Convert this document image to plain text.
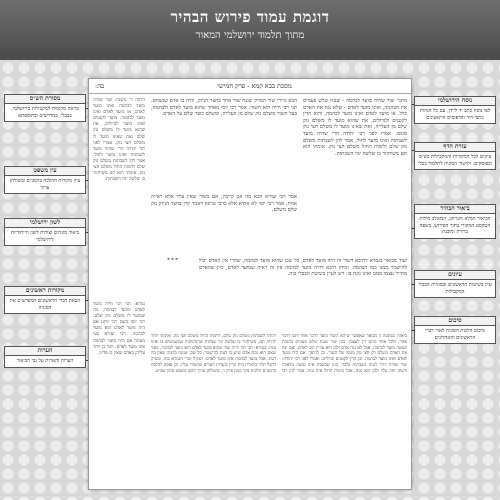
דוגמת עמוד פירוש הבהיר
מתוך תלמוד ירושלמי המאור
מסכת בבא קמא - פרק חמישי
בה:
מתני׳ שור שהיה מועד לבהמה - שנגח שלש פעמים את הבהמה, ואינו מועד לאדם - שלא נגח את האדם כלל. או מועד לאדם ואינו מועד לבהמה, והוא הדין לקטנים ולגדולים, את שהוא מועד לו משלם נזק שלם מן העלייה, ואת שאינו מועד לו משלם חצי נזק מגופו. אמרו לפני רבי יהודה הרי שהיה מועד לשבתות ואינו מועד לחול, אמר להן לשבתות משלם נזק שלם ולימות החול משלם חצי נזק. אימתי הוא תם משיחזור בו שלשה ימי השבתות.
הכא מיירי שור המזיק שנגח שור אחר בחצר הניזק, והיה בו אדם שנשחט. תני רבי חייה הוא השור. אמר רבי יוסי מאחר שהוא מועד לאדם ולבהמה, בעל השור משלם נזק שלם מן העלייה, ומשלם כופר שלם על האדם.
אמר רבי זעירא הכא מה אנן קיימין, אם בשור שאין עליו אלא ראייה אחת, אמר רבי יוסי לא אתיא אלא כרבי טרפון דאמר קרן בחצר הניזק נזק שלם משלם.
הלכה ד' משנה: שור שהיה מועד לבהמה ואינו מועד לאדם, או מועד לאדם ואינו מועד לבהמה. מועד לקטנים ואינו מועד לגדולים, את שהוא מועד לו משלם נזק שלם ואת שאינו מועד לו משלם חצי נזק. אמרו לפני רבי יהודה הרי שהיה מועד לשבתות ואינו מועד לחול. אמר להן לשבתות משלם נזק שלם ולימות החול משלם חצי נזק. אימתי הוא תם משיחזור בו שלשה ימי השבתות.
גמרא: תני רבי חייה מועד לאדם ומועד לבהמה, מה שמועד לו משלם נזק שלם. רבי יוסי בשם רבי יוחנן אם היה מועד לאדם הוא מועד לבהמה. רבי זעירא בעי מעתה אם היה מועד לבהמה אינו מועד לאדם. ותני כן ויתר עליהן באדם שאין בו פדיון.
***	ועוד מבואר בגמרא דהיכא דשור זה היה מועד לאדם, כל שכן שהוא מועד לבהמה, שהרי אין האדם יכול להישמר ממנו כמו הבהמה. ומיהו היכא דהיה מועד לבהמה אין זה ראיה שמועד לאדם, כיון שהאדם מתייר עצמו ממנו ואינו נוגח בו. ויש לעיין בשיטת הבבלי בזה.
ביאור: במשנה זו מבואר שאפשר שיהא השור מועד לדבר אחד ותם לדבר אחר, ולכל אחד מהם דין לעצמו. כגון שור שנגח שלש פעמים בהמות ונעשה מועד לבהמה, אבל לא נגח אדם ולכן הוא עדיין תם לאדם. ואם יגח את האדם משלם רק חצי נזק מגופו של השור. וכן להיפך, אם היה מועד לאדם ואינו מועד לבהמה. וכן הדין לקטנים וגדולים. ואמרו לפני רבי יהודה: שור שהיה רגיל לנגוח בשבתות בלבד, כגון שבשבת אינו עושה מלאכה ודעתו זחה עליו ולכן הוא נוגח, אבל בימות החול אינו נוגח. אמר להן רבי יהודה לשבתות משלם נזק שלם, ולימות החול משלם חצי נזק. ואימתי חוזר להיות תם, משיחזור בו שלשה ימי שבתות שהתינוקות ממשמשים בו ואינו נוגח. בגמרא: תני רבי חייה שור שהוא מועד לאדם הוא מועד לבהמה, מפני שאם הוא נוגח אדם שיש בו דעת להישמר, כל שכן שנוגח בהמה שאין בה דעת. אבל מועד לבהמה אינו מועד לאדם. ושקיל וטרי הגמרא בזה, ומסיק דהכל תלוי בראיית בית הדין ובעדות העדים שהעידו עליו. וכן נפסק להלכה ברמב״ם הלכות נזקי ממון פרק ו׳, ובשולחן ערוך חושן משפט סימן שפ״ט.
נוסח הירושלמי
לפי נוסח כתב יד ליידן, עם כל הגהות כתבי היד והדפוסים הראשונים
עזרת הדף
ציונים לכל המקורות והמקבילות בש״ס ובפוסקים. וקישור הסוגיה לתלמוד בבלי
ביאור הבהיר
הביאור המלא והנרחב, המשלב מילות הטקסט המקורי בתוך הפירוש, בשפה ברורה ומובנת
עיונים
עיון בשיטות הראשונים ובסוגיות הבבלי המקבילות
סיכום
סיכום הלכות הסוגיה לאור דברי הראשונים והאחרונים
מסורת הש״ס
מראה מקומות למקבילות בירושלמי, בבבלי, במדרשים ובתוספתא
עין משפט
ציון מקורות ההלכה ברמב״ם ובשולחן ערוך
לשון ירושלמי
ביאור מונחים וצורות לשון הייחודיות לירושלמי
מקורות ראשונים
הבאת דברי הראשונים המפרשים את הסוגיה
הערות
הערות והארות על גבי הביאור
